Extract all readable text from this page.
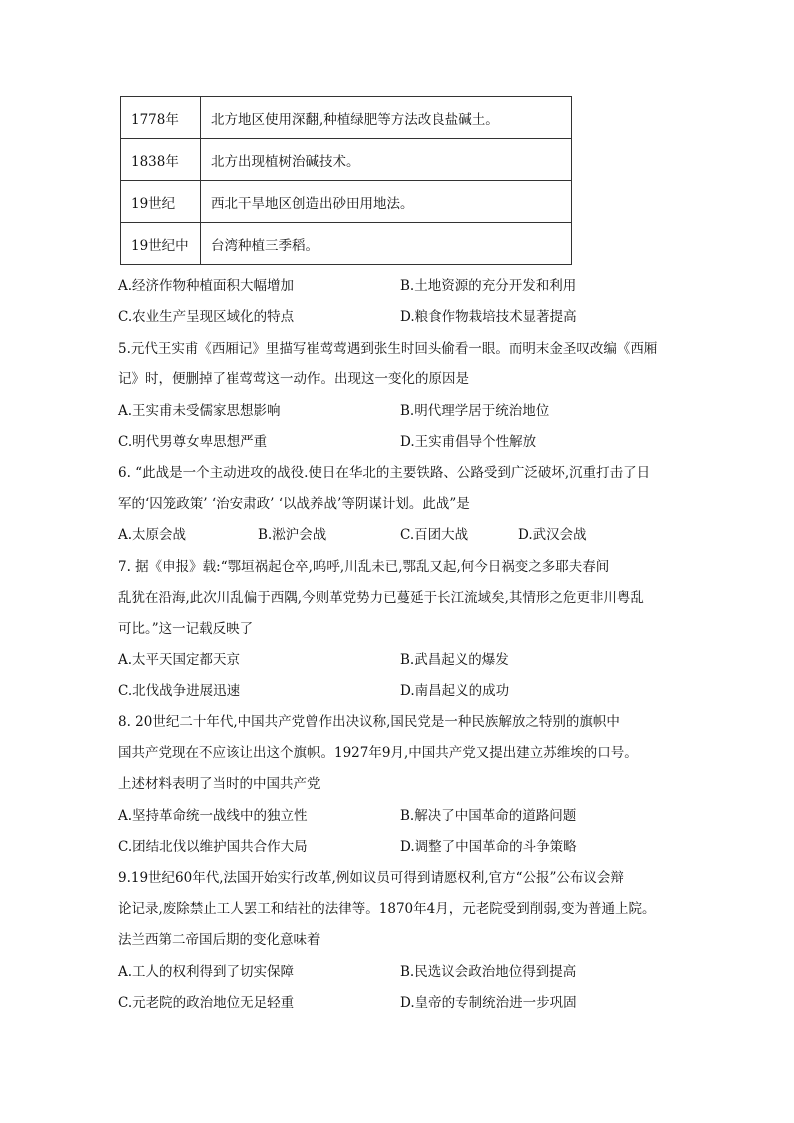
1778年	北方地区使用深翻,种植绿肥等方法改良盐碱土。
1838年	北方出现植树治碱技术。
19世纪	西北干旱地区创造出砂田用地法。
19世纪中	台湾种植三季稻。
A.经济作物种植面积大幅增加	B.土地资源的充分开发和利用
C.农业生产呈现区域化的特点	D.粮食作物栽培技术显著提高
5.元代王实甫《西厢记》里描写崔莺莺遇到张生时回头偷看一眼。而明末金圣叹改编《西厢
记》时，便删掉了崔莺莺这一动作。出现这一变化的原因是
A.王实甫未受儒家思想影响	B.明代理学居于统治地位
C.明代男尊女卑思想严重	D.王实甫倡导个性解放
6. “此战是一个主动进攻的战役.使日在华北的主要铁路、公路受到广泛破坏,沉重打击了日
军的‘囚笼政策’ ‘治安肃政’ ‘以战养战’等阴谋计划。此战”是
A.太原会战	B.淞沪会战	C.百团大战	D.武汉会战
7. 据《申报》载:“鄂垣祸起仓卒,呜呼,川乱未已,鄂乱又起,何今日祸变之多耶夫春间
乱犹在沿海,此次川乱偏于西隅,今则革党势力已蔓延于长江流域矣,其情形之危更非川粤乱
可比。”这一记载反映了
A.太平天国定都天京	B.武昌起义的爆发
C.北伐战争进展迅速	D.南昌起义的成功
8. 20世纪二十年代,中国共产党曾作出决议称,国民党是一种民族解放之特别的旗帜中
国共产党现在不应该让出这个旗帜。1927年9月,中国共产党又提出建立苏维埃的口号。
上述材料表明了当时的中国共产党
A.坚持革命统一战线中的独立性	B.解决了中国革命的道路问题
C.团结北伐以维护国共合作大局	D.调整了中国革命的斗争策略
9.19世纪60年代,法国开始实行改革,例如议员可得到请愿权利,官方“公报”公布议会辩
论记录,废除禁止工人罢工和结社的法律等。1870年4月，元老院受到削弱,变为普通上院。
法兰西第二帝国后期的变化意味着
A.工人的权利得到了切实保障	B.民选议会政治地位得到提高
C.元老院的政治地位无足轻重	D.皇帝的专制统治进一步巩固
